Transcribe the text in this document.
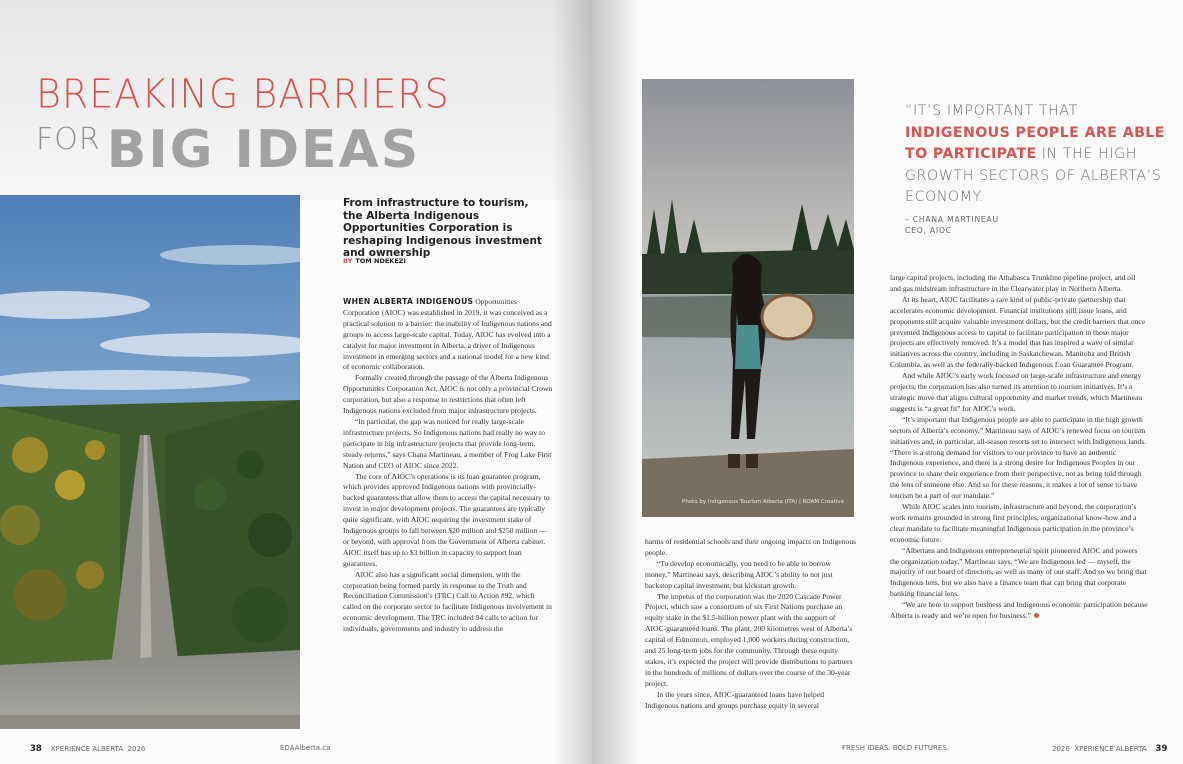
BREAKING BARRIERS
FOR BIG IDEAS
From infrastructure to tourism, the Alberta Indigenous Opportunities Corporation is reshaping Indigenous investment and ownership
BY TOM NDEKEZI

WHEN ALBERTA INDIGENOUS Opportunities Corporation (AIOC) was established in 2019, it was conceived as a practical solution to a barrier: the inability of Indigenous nations and groups to access large-scale capital. Today, AIOC has evolved into a catalyst for major investment in Alberta, a driver of Indigenous investment in emerging sectors and a national model for a new kind of economic collaboration.

Formally created through the passage of the Alberta Indigenous Opportunities Corporation Act, AIOC is not only a provincial Crown corporation, but also a response to restrictions that often left Indigenous nations excluded from major infrastructure projects.

“In particular, the gap was noticed for really large-scale infrastructure projects. So Indigenous nations had really no way to participate in big infrastructure projects that provide long-term, steady returns,” says Chana Martineau, a member of Frog Lake First Nation and CEO of AIOC since 2022.

The core of AIOC’s operations is its loan guarantee program, which provides approved Indigenous nations with provincially-backed guarantees that allow them to access the capital necessary to invest in major development projects. The guarantees are typically quite significant, with AIOC requiring the investment stake of Indigenous groups to fall between $20 million and $250 million — or beyond, with approval from the Government of Alberta cabinet. AIOC itself has up to $3 billion in capacity to support loan guarantees.

AIOC also has a significant social dimension, with the corporation being formed partly in response to the Truth and Reconciliation Commission’s (TRC) Call to Action #92, which called on the corporate sector to facilitate Indigenous involvement in economic development. The TRC included 94 calls to action for individuals, governments and industry to address the

38 XPERIENCE ALBERTA 2026	EDAAlberta.ca
Photo by Indigenous Tourism Alberta (ITA) | ROAM Creative
“IT’S IMPORTANT THAT INDIGENOUS PEOPLE ARE ABLE TO PARTICIPATE IN THE HIGH GROWTH SECTORS OF ALBERTA’S ECONOMY.
– CHANA MARTINEAU
CEO, AIOC

harms of residential schools and their ongoing impacts on Indigenous people.

“To develop economically, you need to be able to borrow money,” Martineau says, describing AIOC’s ability to not just backstop capital investment, but kickstart growth.

The impetus of the corporation was the 2020 Cascade Power Project, which saw a consortium of six First Nations purchase an equity stake in the $1.5-billion power plant with the support of AIOC-guaranteed loans. The plant, 200 kilometres west of Alberta’s capital of Edmonton, employed 1,000 workers during construction, and 25 long-term jobs for the community. Through these equity stakes, it’s expected the project will provide distributions to partners in the hundreds of millions of dollars over the course of the 30-year project.

In the years since, AIOC-guaranteed loans have helped Indigenous nations and groups purchase equity in several

large capital projects, including the Athabasca Trunkline pipeline project, and oil and gas midstream infrastructure in the Clearwater play in Northern Alberta.

At its heart, AIOC facilitates a rare kind of public-private partnership that accelerates economic development. Financial institutions still issue loans, and proponents still acquire valuable investment dollars, but the credit barriers that once prevented Indigenous access to capital to facilitate participation in those major projects are effectively removed. It’s a model that has inspired a wave of similar initiatives across the country, including in Saskatchewan, Manitoba and British Columbia, as well as the federally-backed Indigenous Loan Guarantee Program.

And while AIOC’s early work focused on large-scale infrastructure and energy projects, the corporation has also turned its attention to tourism initiatives. It’s a strategic move that aligns cultural opportunity and market trends, which Martineau suggests is “a great fit” for AIOC’s work.

“It’s important that Indigenous people are able to participate in the high growth sectors of Alberta’s economy,” Martineau says of AIOC’s renewed focus on tourism initiatives and, in particular, all-season resorts set to intersect with Indigenous lands. “There is a strong demand for visitors to our province to have an authentic Indigenous experience, and there is a strong desire for Indigenous Peoples in our province to share their experience from their perspective, not as being told through the lens of someone else. And so for these reasons, it makes a lot of sense to have tourism be a part of our mandate.”

While AIOC scales into tourism, infrastructure and beyond, the corporation’s work remains grounded in strong first principles, organizational know-how and a clear mandate to facilitate meaningful Indigenous participation in the province’s economic future.

“Albertans and Indigenous entrepreneurial spirit pioneered AIOC and powers the organization today,” Martineau says. “We are Indigenous led — myself, the majority of our board of directors, as well as many of our staff. And so we bring that Indigenous lens, but we also have a finance team that can bring that corporate banking financial lens.

“We are here to support business and Indigenous economic participation because Alberta is ready and we’re open for business.”

FRESH IDEAS. BOLD FUTURES.	2026 XPERIENCE ALBERTA 39
